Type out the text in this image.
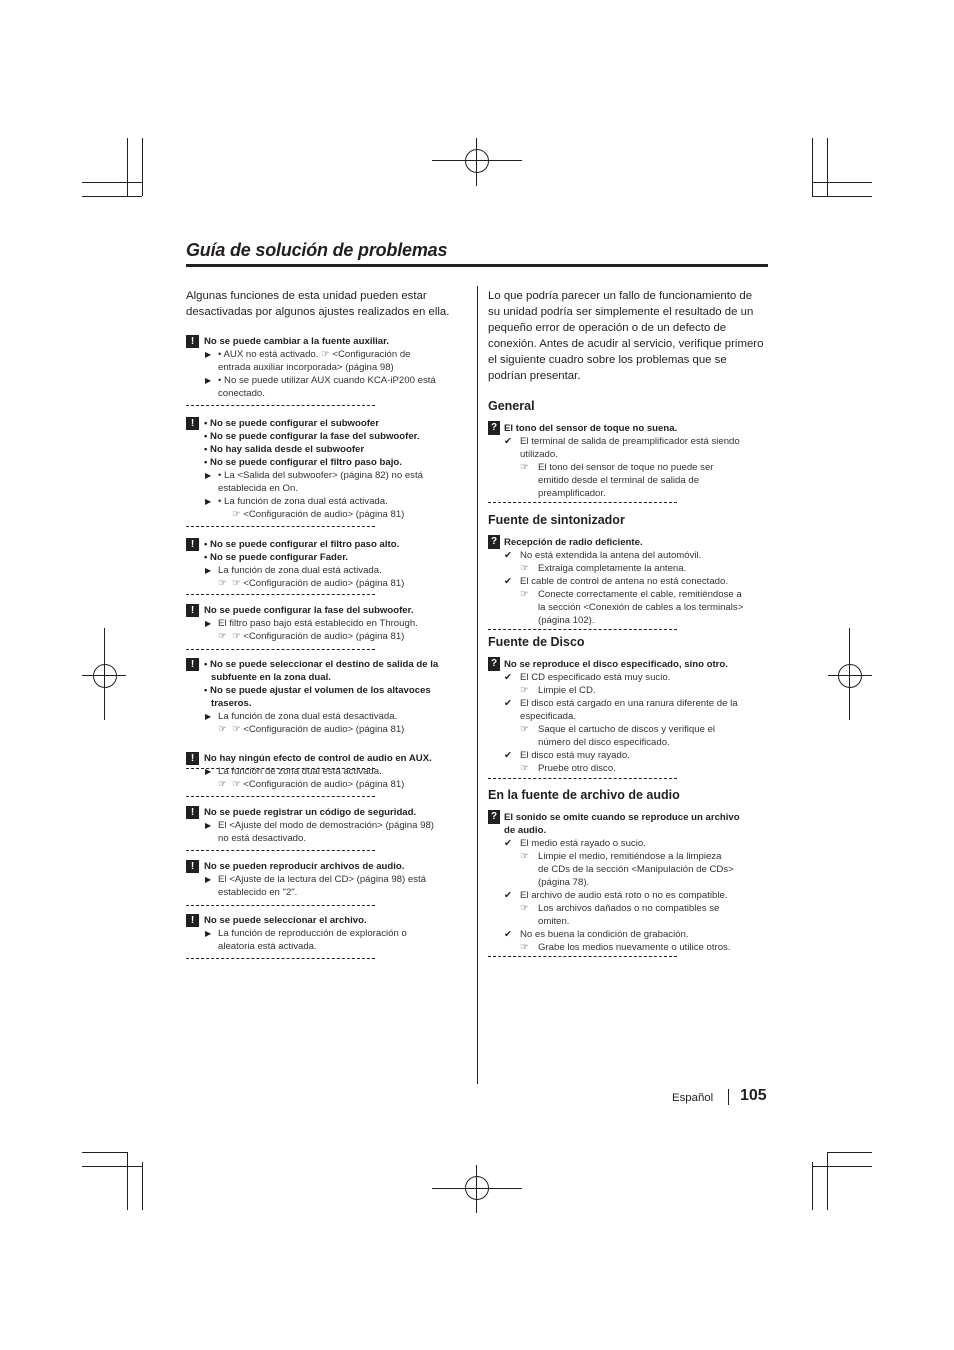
Guía de solución de problemas
Algunas funciones de esta unidad pueden estar desactivadas por algunos ajustes realizados en ella.
Lo que podría parecer un fallo de funcionamiento de su unidad podría ser simplemente el resultado de un pequeño error de operación o de un defecto de conexión. Antes de acudir al servicio, verifique primero el siguiente cuadro sobre los problemas que se podrían presentar.
Español 105
!	No se puede cambiar a la fuente auxiliar.
▶ • AUX no está activado. ☞ <Configuración de
entrada auxiliar incorporada> (página 98)
▶ • No se puede utilizar AUX cuando KCA-iP200 está
conectado.
!	• No se puede configurar el subwoofer
• No se puede configurar la fase del subwoofer.
• No hay salida desde el subwoofer
• No se puede configurar el filtro paso bajo.
▶ • La <Salida del subwoofer> (página 82) no está
establecida en On.
▶ • La función de zona dual está activada.
☞ <Configuración de audio> (página 81)
!	• No se puede configurar el filtro paso alto.
• No se puede configurar Fader.
▶ La función de zona dual está activada.
☞ ☞ <Configuración de audio> (página 81)
!	No se puede configurar la fase del subwoofer.
▶ El filtro paso bajo está establecido en Through.
☞ ☞ <Configuración de audio> (página 81)
!	• No se puede seleccionar el destino de salida de la
subfuente en la zona dual.
• No se puede ajustar el volumen de los altavoces
traseros.
▶ La función de zona dual está desactivada.
☞ ☞ <Configuración de audio> (página 81)
!	No hay ningún efecto de control de audio en AUX.
▶ La función de zona dual está activada.
☞ ☞ <Configuración de audio> (página 81)
!	No se puede registrar un código de seguridad.
▶ El <Ajuste del modo de demostración> (página 98)
no está desactivado.
!	No se pueden reproducir archivos de audio.
▶ El <Ajuste de la lectura del CD> (página 98) está
establecido en "2".
!	No se puede seleccionar el archivo.
▶ La función de reproducción de exploración o
aleatoria está activada.
General
? El tono del sensor de toque no suena.
✔ El terminal de salida de preamplificador está siendo
utilizado.
☞ El tono del sensor de toque no puede ser
emitido desde el terminal de salida de
preamplificador.
Fuente de sintonizador
? Recepción de radio deficiente.
✔ No está extendida la antena del automóvil.
☞ Extraiga completamente la antena.
✔ El cable de control de antena no está conectado.
☞ Conecte correctamente el cable, remitiéndose a
la sección <Conexión de cables a los terminals>
(página 102).
Fuente de Disco
? No se reproduce el disco especificado, sino otro.
✔ El CD especificado está muy sucio.
☞ Limpie el CD.
✔ El disco está cargado en una ranura diferente de la
especificada.
☞ Saque el cartucho de discos y verifique el
número del disco especificado.
✔ El disco está muy rayado.
☞ Pruebe otro disco.
En la fuente de archivo de audio
? El sonido se omite cuando se reproduce un archivo
de audio.
✔ El medio está rayado o sucio.
☞ Limpie el medio, remitiéndose a la limpieza
de CDs de la sección <Manipulación de CDs>
(página 78).
✔ El archivo de audio está roto o no es compatible.
☞ Los archivos dañados o no compatibles se
omiten.
✔ No es buena la condición de grabación.
☞ Grabe los medios nuevamente o utilice otros.
